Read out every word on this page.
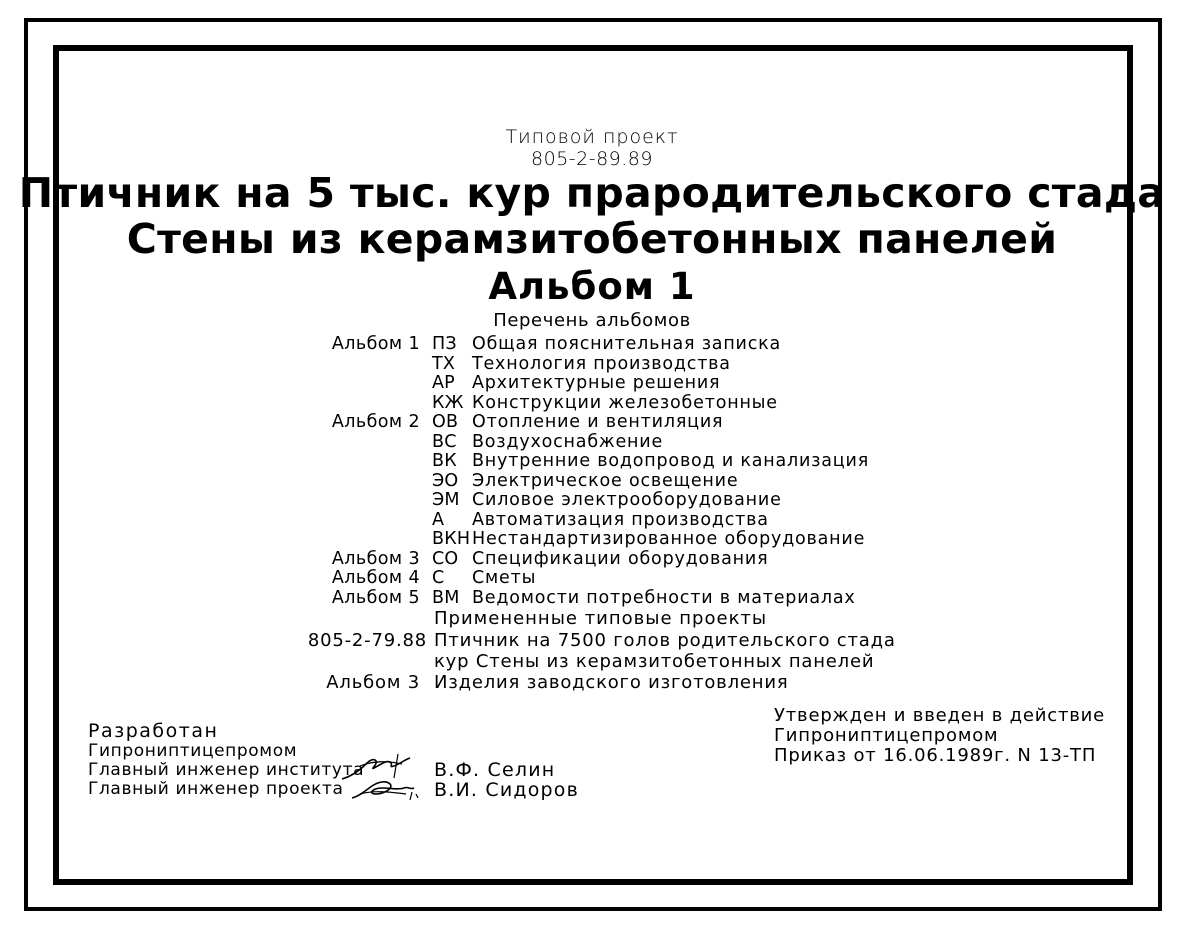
Типовой проект
805-2-89.89
Птичник на 5 тыс. кур прародительского стада
Стены из керамзитобетонных панелей
Альбом 1
Перечень альбомов
Альбом 1 ПЗ Общая пояснительная записка
ТХ Технология производства
АР Архитектурные решения
КЖ Конструкции железобетонные
Альбом 2 ОВ Отопление и вентиляция
ВС Воздухоснабжение
ВК Внутренние водопровод и канализация
ЭО Электрическое освещение
ЭМ Силовое электрооборудование
А	Автоматизация производства
ВКН Нестандартизированное оборудование
Альбом 3 СО Спецификации оборудования
Альбом 4 С	Сметы
Альбом 5 ВМ Ведомости потребности в материалах
Примененные типовые проекты
805-2-79.88 Птичник на 7500 голов родительского стада
кур Стены из керамзитобетонных панелей
Альбом 3 Изделия заводского изготовления
Разработан
Гипрониптицепромом
Главный инженер института
Главный инженер проекта
В.Ф. Селин
В.И. Сидоров
Утвержден и введен в действие
Гипрониптицепромом
Приказ от 16.06.1989г. N 13-ТП
